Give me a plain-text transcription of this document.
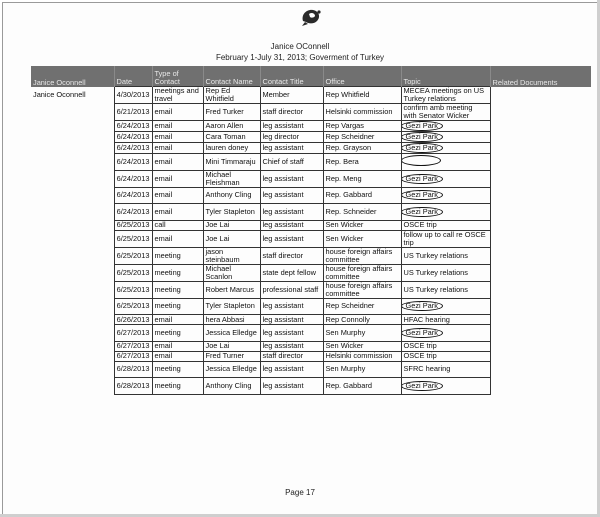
Janice OConnell
February 1-July 31, 2013; Goverment of Turkey
Janice Oconnell	Date	Type of Contact	Contact Name	Contact Title	Office	Topic	Related Documents
Janice Oconnell	4/30/2013	meetings and travel	Rep Ed Whitfield	Member	Rep Whitfield	MECEA meetings on US Turkey relations	
	6/21/2013	email	Fred Turker	staff director	Helsinki commission	confirm amb meeting with Senator Wicker	
	6/24/2013	email	Aaron Allen	leg assistant	Rep Vargas	Gezi Park	
	6/24/2013	email	Cara Toman	leg director	Rep Scheidner	Gezi Park	
	6/24/2013	email	lauren doney	leg assistant	Rep. Grayson	Gezi Park	
	6/24/2013	email	Mini Timmaraju	Chief of staff	Rep. Bera		
	6/24/2013	email	Michael Fleishman	leg assistant	Rep. Meng	Gezi Park	
	6/24/2013	email	Anthony Cling	leg assistant	Rep. Gabbard	Gezi Park	
	6/24/2013	email	Tyler Stapleton	leg assistant	Rep. Schneider	Gezi Park	
	6/25/2013	call	Joe Lai	leg assistant	Sen Wicker	OSCE trip	
	6/25/2013	email	Joe Lai	leg assistant	Sen Wicker	follow up to call re OSCE trip	
	6/25/2013	meeting	jason steinbaum	staff director	house foreign affairs committee	US Turkey relations	
	6/25/2013	meeting	Michael Scanlon	state dept fellow	house foreign affairs committee	US Turkey relations	
	6/25/2013	meeting	Robert Marcus	professional staff	house foreign affairs committee	US Turkey relations	
	6/25/2013	meeting	Tyler Stapleton	leg assistant	Rep Scheidner	Gezi Park	
	6/26/2013	email	hera Abbasi	leg assistant	Rep Connolly	HFAC hearing	
	6/27/2013	meeting	Jessica Elledge	leg assistant	Sen Murphy	Gezi Park	
	6/27/2013	email	Joe Lai	leg assistant	Sen Wicker	OSCE trip	
	6/27/2013	email	Fred Turner	staff director	Helsinki commission	OSCE trip	
	6/28/2013	meeting	Jessica Elledge	leg assistant	Sen Murphy	SFRC hearing	
	6/28/2013	meeting	Anthony Cling	leg assistant	Rep. Gabbard	Gezi Park	
Page 17
